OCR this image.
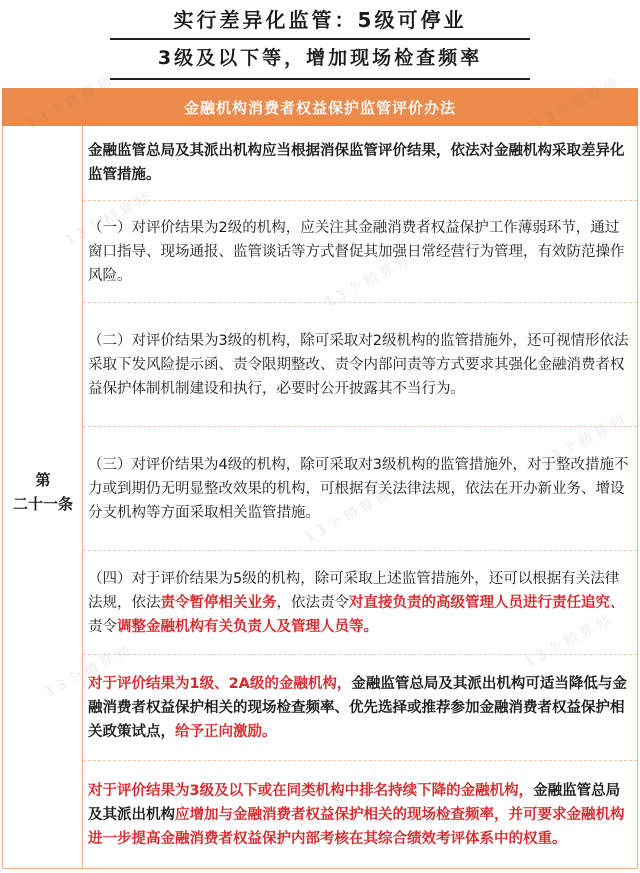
实行差异化监管：5级可停业
3级及以下等，增加现场检查频率
金融机构消费者权益保护监管评价办法
第
二十一条

金融监管总局及其派出机构应当根据消保监管评价结果，依法对金融机构采取差异化监管措施。

（一）对评价结果为2级的机构，应关注其金融消费者权益保护工作薄弱环节，通过窗口指导、现场通报、监管谈话等方式督促其加强日常经营行为管理，有效防范操作风险。

（二）对评价结果为3级的机构，除可采取对2级机构的监管措施外，还可视情形依法采取下发风险提示函、责令限期整改、责令内部问责等方式要求其强化金融消费者权益保护体制机制建设和执行，必要时公开披露其不当行为。

（三）对评价结果为4级的机构，除可采取对3级机构的监管措施外，对于整改措施不力或到期仍无明显整改效果的机构，可根据有关法律法规，依法在开办新业务、增设分支机构等方面采取相关监管措施。

（四）对于评价结果为5级的机构，除可采取上述监管措施外，还可以根据有关法律法规，依法责令暂停相关业务，依法责令对直接负责的高级管理人员进行责任追究、责令调整金融机构有关负责人及管理人员等。

对于评价结果为1级、2A级的金融机构，金融监管总局及其派出机构可适当降低与金融消费者权益保护相关的现场检查频率、优先选择或推荐参加金融消费者权益保护相关政策试点，给予正向激励。

对于评价结果为3级及以下或在同类机构中排名持续下降的金融机构，金融监管总局及其派出机构应增加与金融消费者权益保护相关的现场检查频率，并可要求金融机构进一步提高金融消费者权益保护内部考核在其综合绩效考评体系中的权重。

13个精算师
13个精算师
13个精算师
13个精算师
13个精算师	13个精算师
13个精算师
